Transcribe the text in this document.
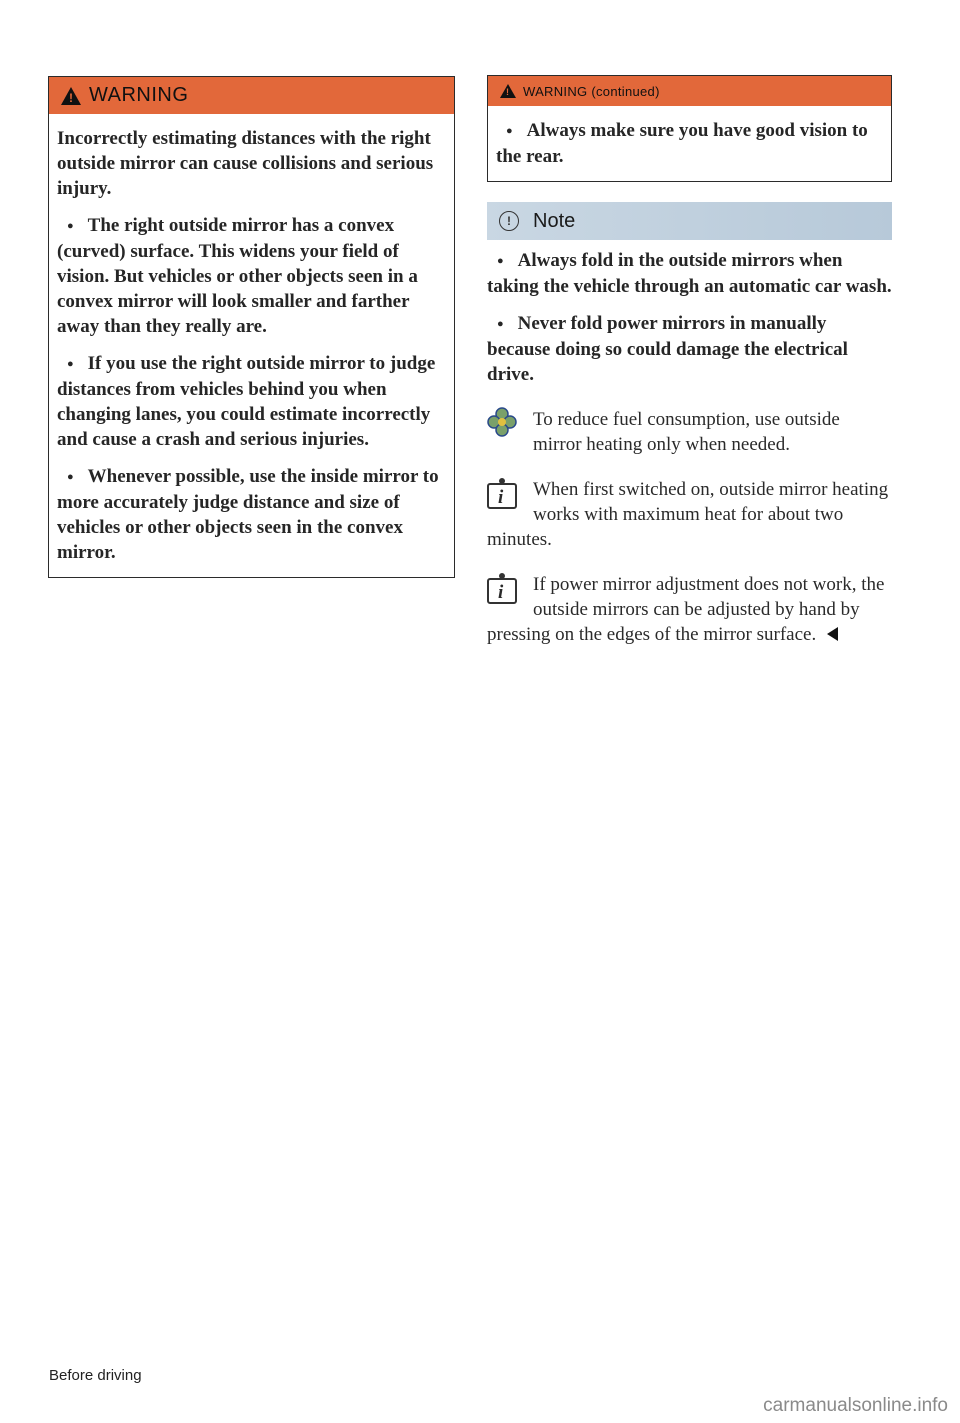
!
WARNING

Incorrectly estimating distances with the right outside mirror can cause collisions and serious injury.

● The right outside mirror has a convex (curved) surface. This widens your field of vision. But vehicles or other objects seen in a convex mirror will look smaller and farther away than they really are.

● If you use the right outside mirror to judge distances from vehicles behind you when changing lanes, you could estimate incorrectly and cause a crash and serious injuries.

● Whenever possible, use the inside mirror to more accurately judge distance and size of vehicles or other objects seen in the convex mirror.

!
WARNING (continued)

● Always make sure you have good vision to the rear.

!	Note

● Always fold in the outside mirrors when taking the vehicle through an automatic car wash.

● Never fold power mirrors in manually because doing so could damage the electrical drive.

To reduce fuel consumption, use outside mirror heating only when needed.
i
When first switched on, outside mirror heating works with maximum heat for about two minutes.
i
If power mirror adjustment does not work, the outside mirrors can be adjusted by hand by pressing on the edges of the mirror surface.
Before driving
carmanualsonline.info
